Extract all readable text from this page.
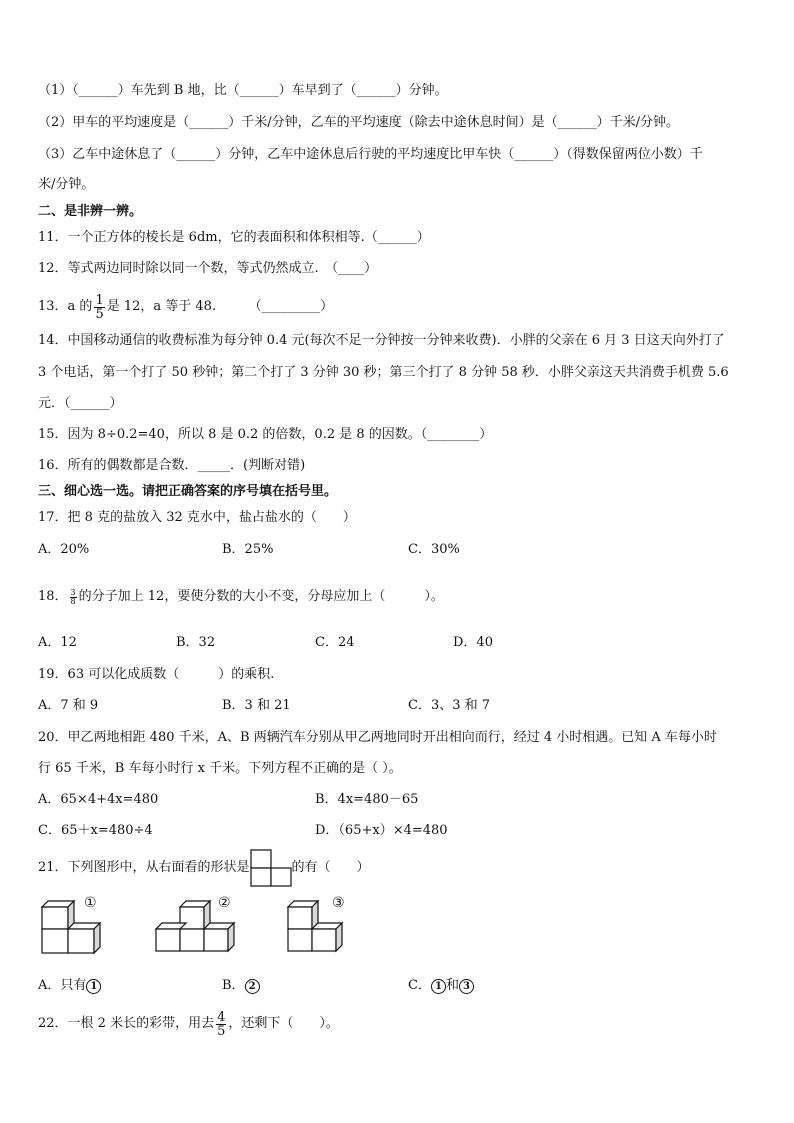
（1）（______）车先到 B 地，比（______）车早到了（______）分钟。
（2）甲车的平均速度是（______）千米/分钟，乙车的平均速度（除去中途休息时间）是（______）千米/分钟。
（3）乙车中途休息了（______）分钟，乙车中途休息后行驶的平均速度比甲车快（______）（得数保留两位小数）千
米/分钟。
二、是非辨一辨。
11．一个正方体的棱长是 6dm，它的表面积和体积相等.（______）
12．等式两边同时除以同一个数，等式仍然成立.　（____）
13．a 的 $\frac{1}{5}$ 是 12，a 等于 48.　　　（_________）
14．中国移动通信的收费标准为每分钟 0.4 元(每次不足一分钟按一分钟来收费)．小胖的父亲在 6 月 3 日这天向外打了
3 个电话，第一个打了 50 秒钟；第二个打了 3 分钟 30 秒；第三个打了 8 分钟 58 秒．小胖父亲这天共消费手机费 5.6
元．（______）
15．因为 8÷0.2=40，所以 8 是 0.2 的倍数，0.2 是 8 的因数。（________）
16．所有的偶数都是合数．_____．(判断对错)
三、细心选一选。请把正确答案的序号填在括号里。
17．把 8 克的盐放入 32 克水中，盐占盐水的（　　）
A．20%	B．25%	C．30%
18． $\frac{3}{8}$ 的分子加上 12，要使分数的大小不变，分母应加上（　　　）。
A．12	B．32	C．24	D．40
19．63 可以化成质数（　　　）的乘积.
A．7 和 9	B．3 和 21	C．3、3 和 7
20．甲乙两地相距 480 千米，A、B 两辆汽车分别从甲乙两地同时开出相向而行，经过 4 小时相遇。已知 A 车每小时
行 65 千米，B 车每小时行 x 千米。下列方程不正确的是（ ）。
A．65×4+4x=480	B．4x=480－65
C．65＋x=480÷4	D．（65+x）×4=480
21．下列图形中，从右面看的形状是	的有（　　）
①	②	③
A．只有 1	B． 2	C． 1 和 3
22．一根 2 米长的彩带，用去 $\frac{4}{5}$ ，还剩下（　　）。
